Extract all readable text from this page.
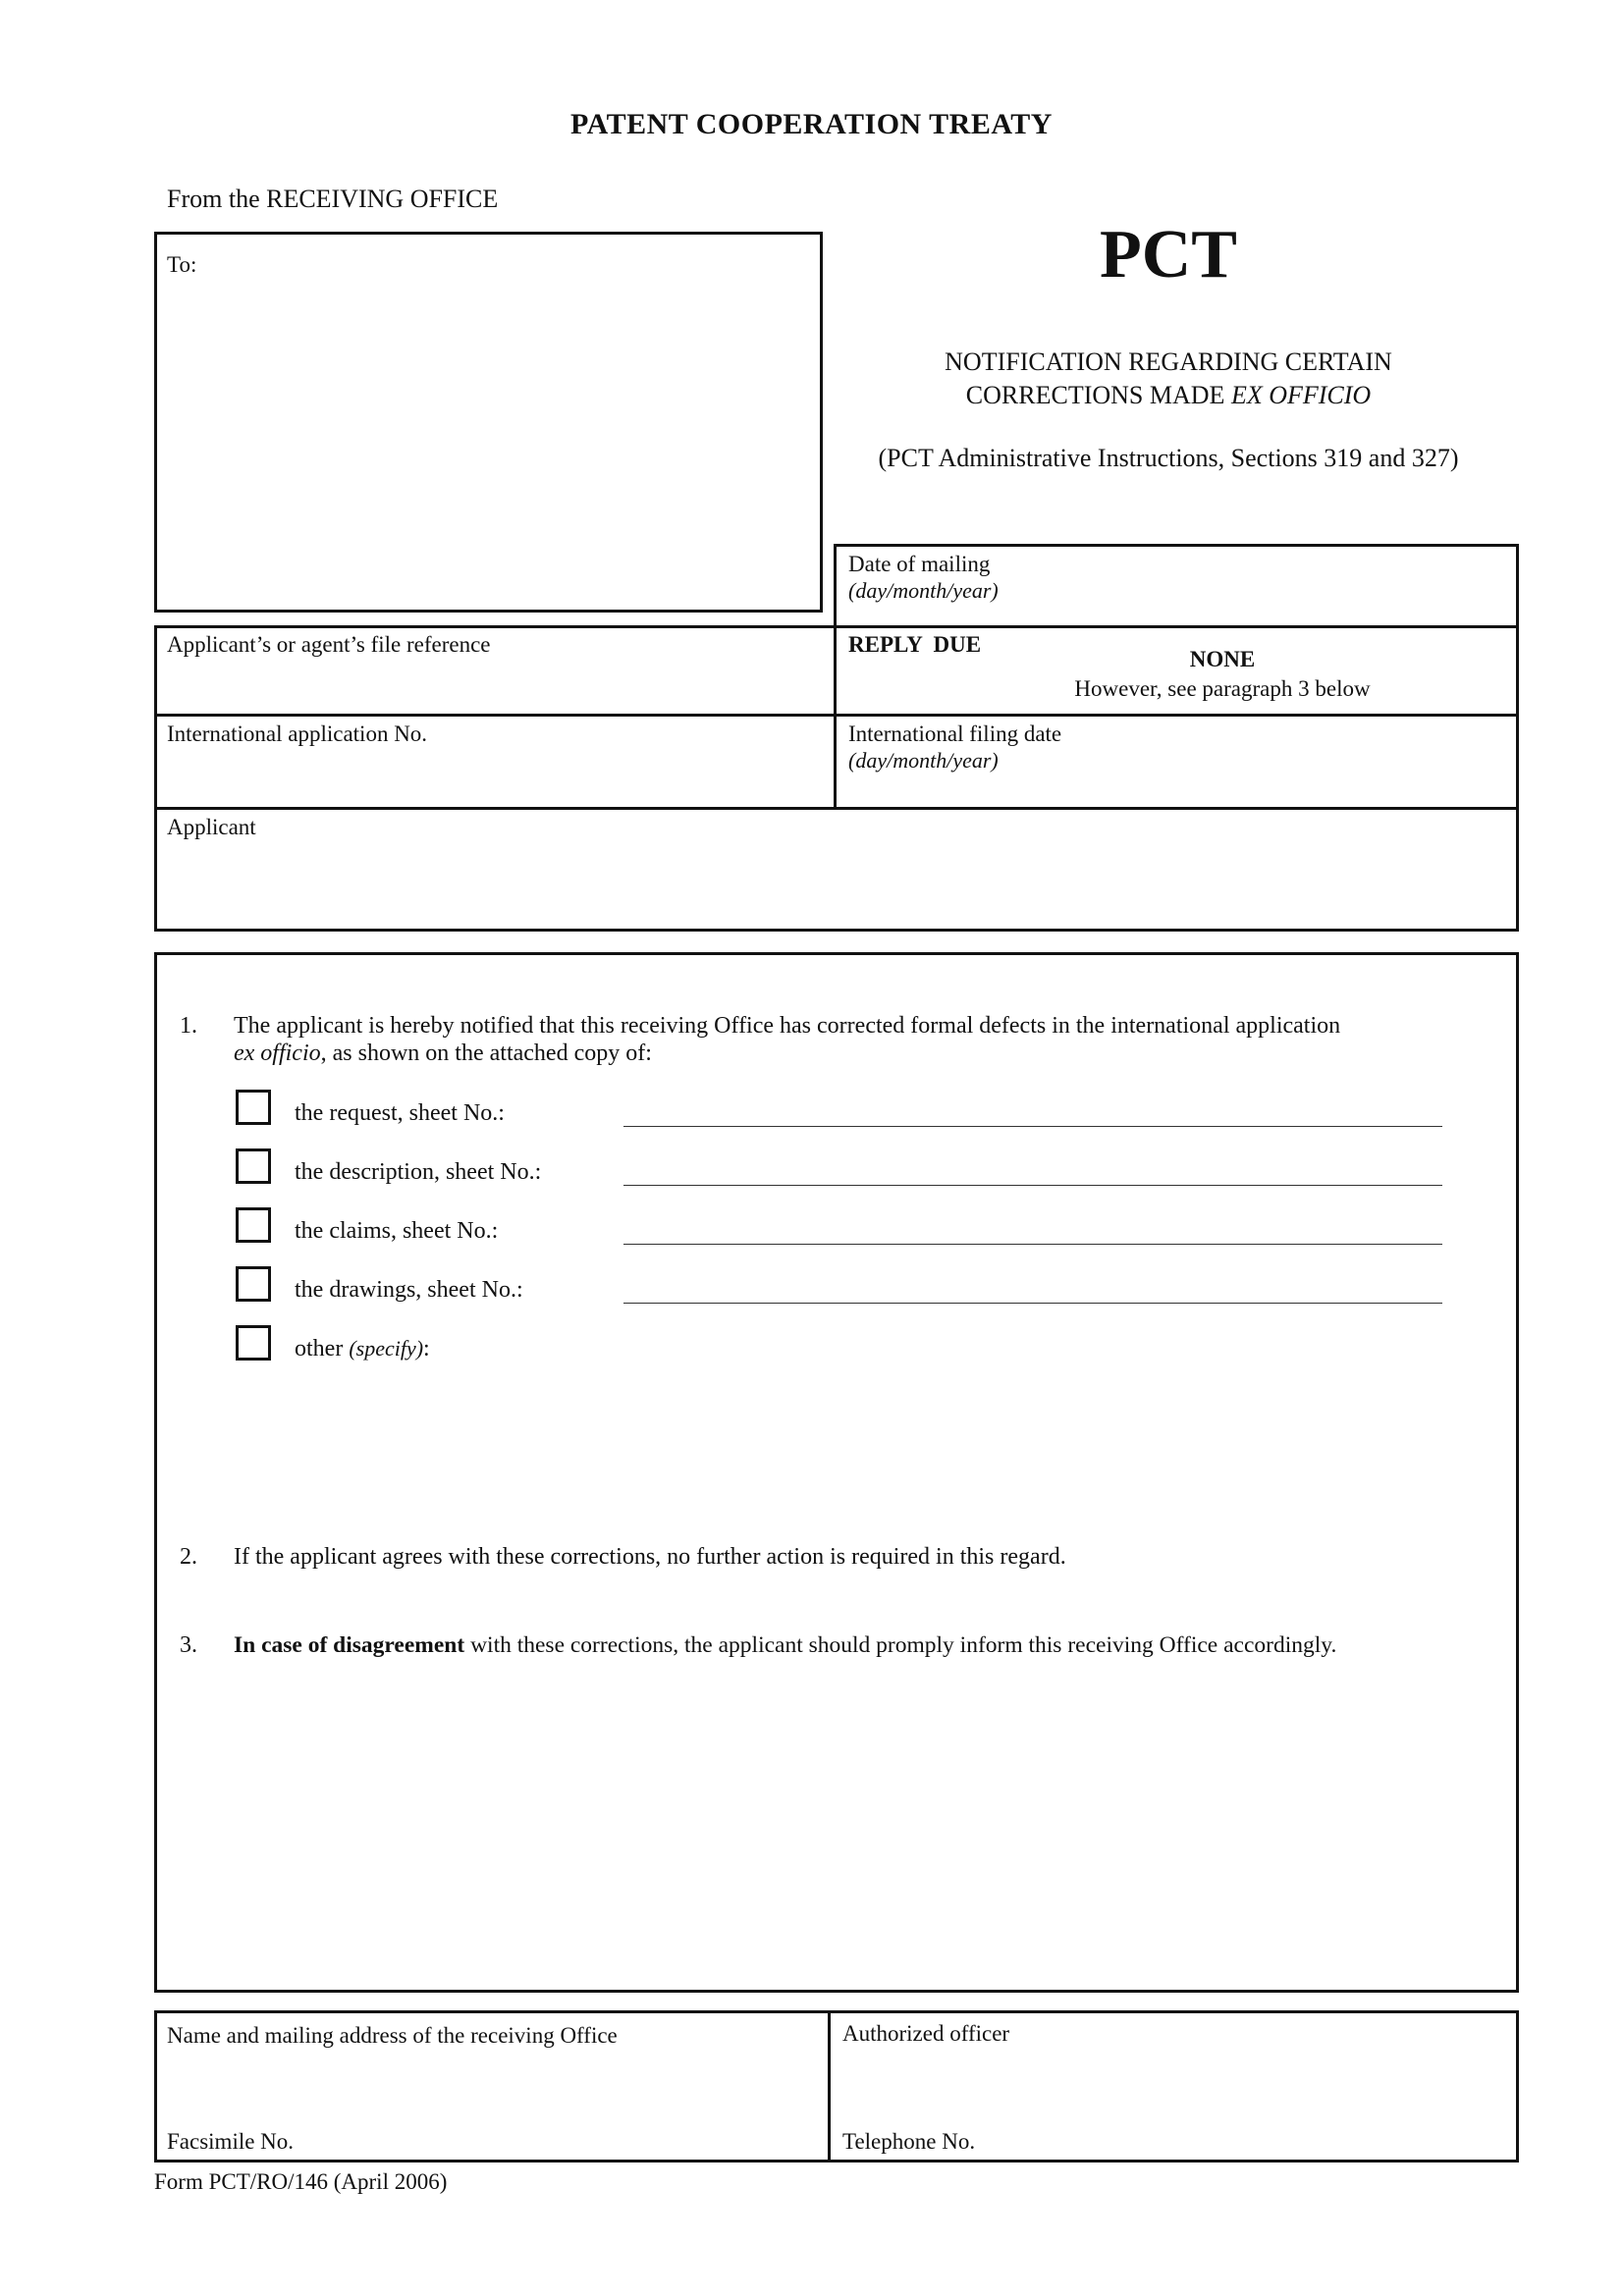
PATENT COOPERATION TREATY
From the RECEIVING OFFICE
PCT
NOTIFICATION REGARDING CERTAIN
CORRECTIONS MADE EX OFFICIO
(PCT Administrative Instructions, Sections 319 and 327)
To:
Date of mailing
(day/month/year)
Applicant’s or agent’s file reference	REPLY  DUE
NONE
However, see paragraph 3 below
International application No.	International filing date
(day/month/year)
Applicant
1. The applicant is hereby notified that this receiving Office has corrected formal defects in the international application
ex officio, as shown on the attached copy of:
the request, sheet No.:
the description, sheet No.:
the claims, sheet No.:
the drawings, sheet No.:
other (specify):
2. If the applicant agrees with these corrections, no further action is required in this regard.
3. In case of disagreement with these corrections, the applicant should promply inform this receiving Office accordingly.
Name and mailing address of the receiving Office
Facsimile No.
Authorized officer
Telephone No.
Form PCT/RO/146 (April 2006)
